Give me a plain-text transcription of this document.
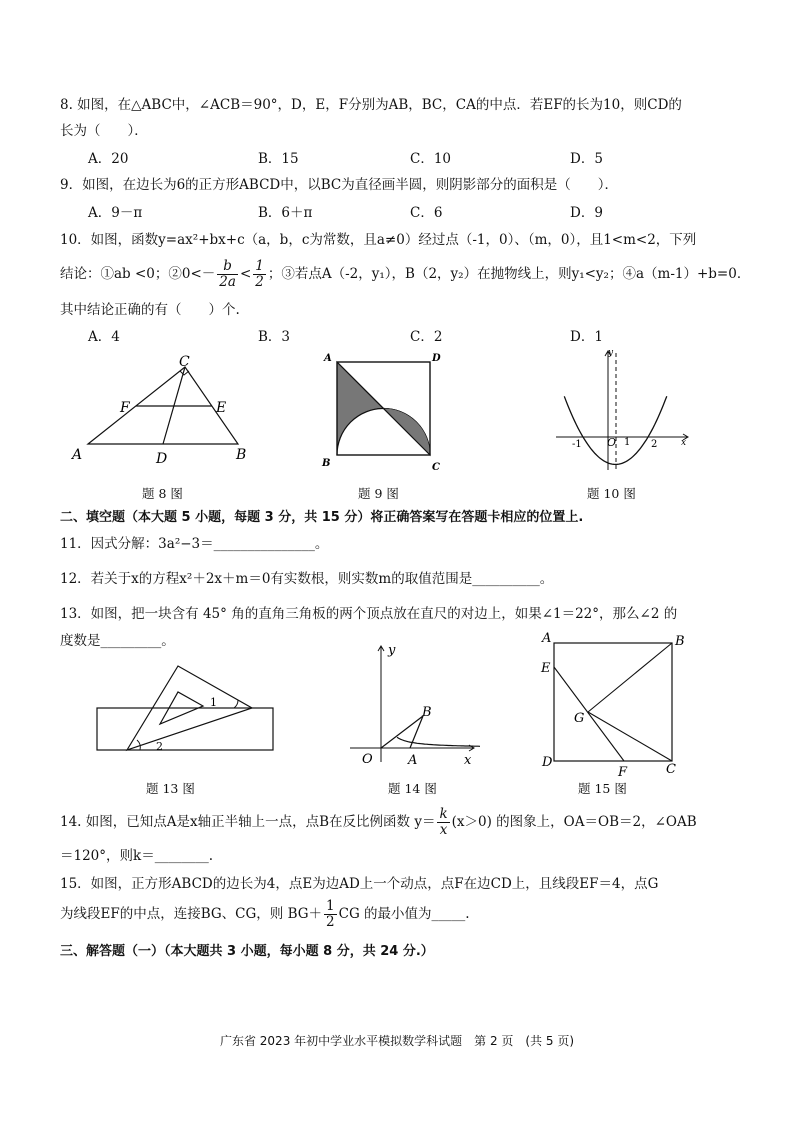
8. 如图，在△ABC中，∠ACB＝90°，D，E，F分别为AB，BC，CA的中点．若EF的长为10，则CD的
长为（　　）．
A．20	B．15	C．10	D．5
9．如图，在边长为6的正方形ABCD中，以BC为直径画半圆，则阴影部分的面积是（　　）．
A．9－π	B．6＋π	C．6	D．9
10．如图，函数y=ax²+bx+c（a，b，c为常数，且a≠0）经过点（-1，0）、（m，0），且1<m<2，下列
结论：①ab <0；②0<－ $\frac{b}{2a} < \frac{1}{2}$ ；③若点A（-2，y₁），B（2，y₂）在抛物线上，则y₁<y₂；④a（m-1）+b=0．
其中结论正确的有（　　）个.
A．4	B．3	C．2	D．1
C
F	E
A	D	B
题 8 图
A	D
B	C
题 9 图
y
-1 O 1 2	x
题 10 图
二、填空题（本大题 5 小题，每题 3 分，共 15 分）将正确答案写在答题卡相应的位置上.
11．因式分解：3a²−3＝_______________。
12．若关于x的方程x²＋2x＋m＝0有实数根，则实数m的取值范围是__________。
13．如图，把一块含有 45° 角的直角三角板的两个顶点放在直尺的对边上，如果∠1＝22°，那么∠2 的
度数是_________。
1
2
题 13 图
y
B
O	A	x
题 14 图
A	B
E
G
D
F	C
题 15 图
14. 如图，已知点A是x轴正半轴上一点，点B在反比例函数 $y= \frac{k}{x} (x>0)$ 的图象上，OA＝OB＝2，∠OAB
＝120°，则k＝________.
15．如图，正方形ABCD的边长为4，点E为边AD上一个动点，点F在边CD上，且线段EF＝4，点G
为线段EF的中点，连接BG、CG，则 $BG+ \frac{1}{2}$ CG 的最小值为_____.
三、解答题（一）（本大题共 3 小题，每小题 8 分，共 24 分.）
广东省 2023 年初中学业水平模拟数学科试题　第 2 页　(共 5 页)
